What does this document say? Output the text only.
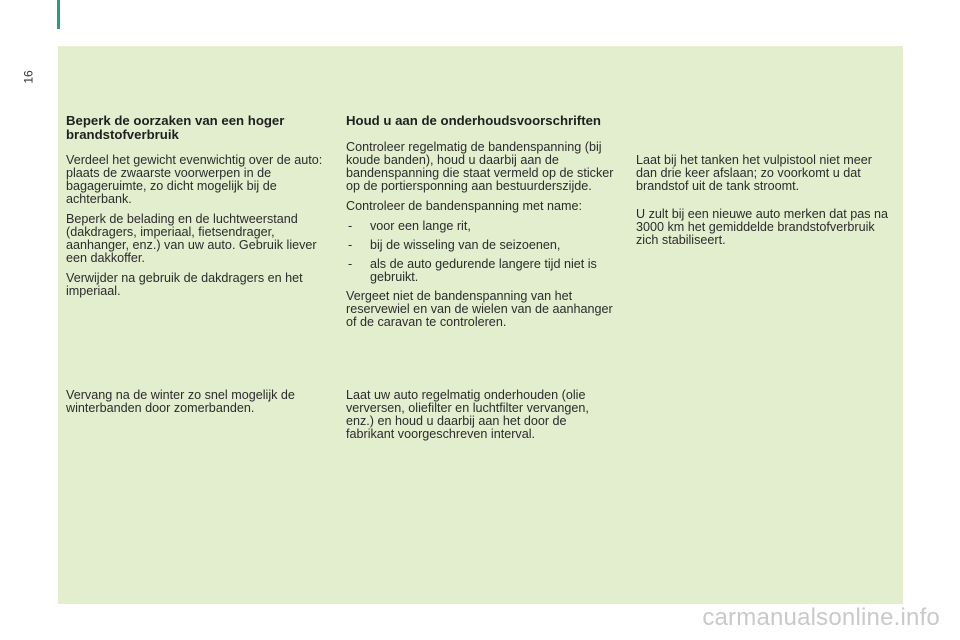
16
Beperk de oorzaken van een hoger brandstofverbruik

Verdeel het gewicht evenwichtig over de auto: plaats de zwaarste voorwerpen in de bagageruimte, zo dicht mogelijk bij de achterbank.

Beperk de belading en de luchtweerstand (dakdragers, imperiaal, fietsendrager, aanhanger, enz.) van uw auto. Gebruik liever een dakkoffer.

Verwijder na gebruik de dakdragers en het imperiaal.

Vervang na de winter zo snel mogelijk de winterbanden door zomerbanden.

Houd u aan de onderhoudsvoorschriften

Controleer regelmatig de bandenspanning (bij koude banden), houd u daarbij aan de bandenspanning die staat vermeld op de sticker op de portiersponning aan bestuurderszijde.

Controleer de bandenspanning met name:

- voor een lange rit,
- bij de wisseling van de seizoenen,
- als de auto gedurende langere tijd niet is gebruikt.

Vergeet niet de bandenspanning van het reservewiel en van de wielen van de aanhanger of de caravan te controleren.

Laat uw auto regelmatig onderhouden (olie verversen, oliefilter en luchtfilter vervangen, enz.) en houd u daarbij aan het door de fabrikant voorgeschreven interval.

Laat bij het tanken het vulpistool niet meer dan drie keer afslaan; zo voorkomt u dat brandstof uit de tank stroomt.

U zult bij een nieuwe auto merken dat pas na 3000 km het gemiddelde brandstofverbruik zich stabiliseert.

carmanualsonline.info
